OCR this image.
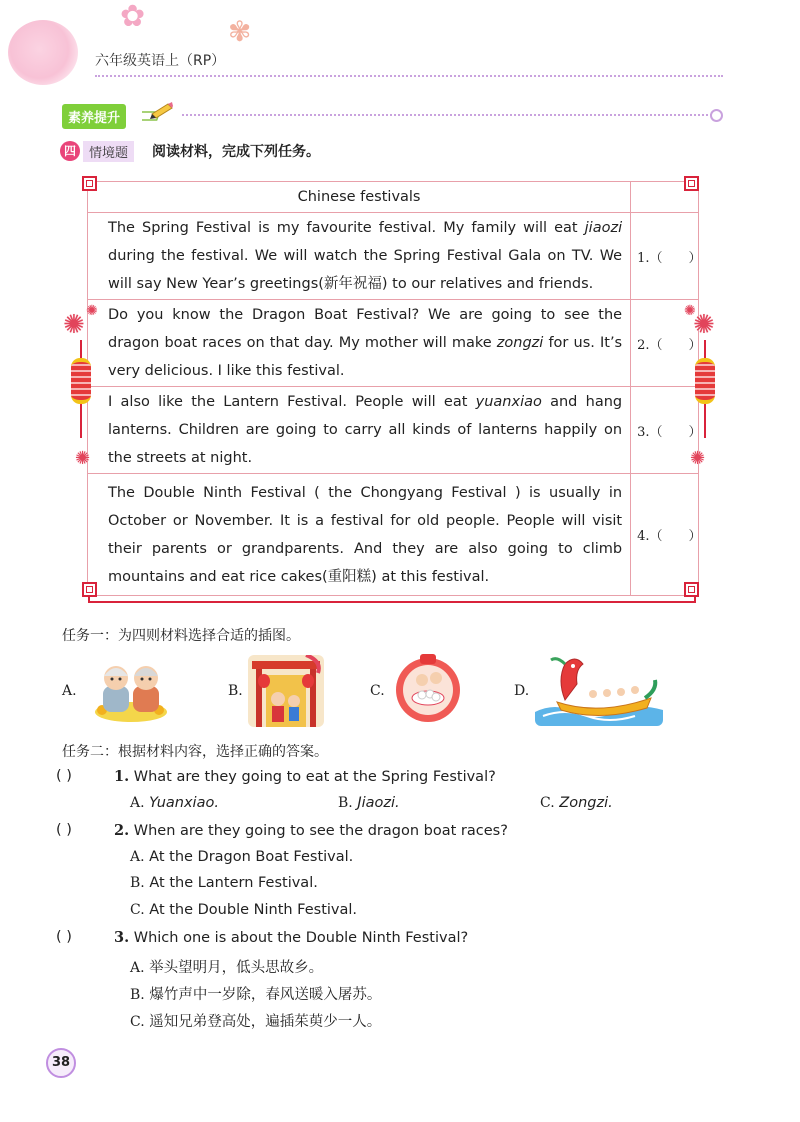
✿	✾
六年级英语上（RP）
素养提升
四	情境题	阅读材料，完成下列任务。
Chinese festivals	
The Spring Festival is my favourite festival. My family will eat jiaozi during the festival. We will watch the Spring Festival Gala on TV. We will say New Year’s greetings(新年祝福) to our relatives and friends.	1.（　　）
Do you know the Dragon Boat Festival? We are going to see the dragon boat races on that day. My mother will make zongzi for us. It’s very delicious. I like this festival.	2.（　　）
I also like the Lantern Festival. People will eat yuanxiao and hang lanterns. Children are going to carry all kinds of lanterns happily on the streets at night.	3.（　　）
The Double Ninth Festival ( the Chongyang Festival ) is usually in October or November. It is a festival for old people. People will visit their parents or grandparents. And they are also going to climb mountains and eat rice cakes(重阳糕) at this festival.	4.（　　）
✺ ✺
✺
✺
✺
✺
任务一：为四则材料选择合适的插图。
A.	B.	C.	D.
任务二：根据材料内容，选择正确的答案。
( )	1. What are they going to eat at the Spring Festival?
A. Yuanxiao.	B. Jiaozi.	C. Zongzi.
( )	2. When are they going to see the dragon boat races?
A. At the Dragon Boat Festival.
B. At the Lantern Festival.
C. At the Double Ninth Festival.
( )	3. Which one is about the Double Ninth Festival?
A. 举头望明月，低头思故乡。
B. 爆竹声中一岁除，春风送暖入屠苏。
C. 遥知兄弟登高处，遍插茱萸少一人。
38
